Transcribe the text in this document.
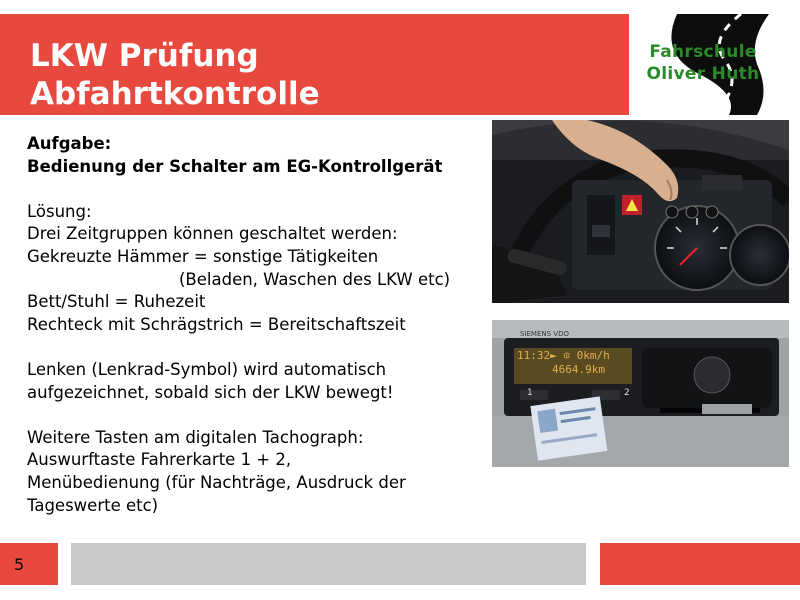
LKW Prüfung
Abfahrtkontrolle
Fahrschule
Oliver Huth
Aufgabe:
Bedienung der Schalter am EG-Kontrollgerät
Lösung:
Drei Zeitgruppen können geschaltet werden:
Gekreuzte Hämmer = sonstige Tätigkeiten
(Beladen, Waschen des LKW etc)
Bett/Stuhl = Ruhezeit
Rechteck mit Schrägstrich = Bereitschaftszeit
Lenken (Lenkrad-Symbol) wird automatisch
aufgezeichnet, sobald sich der LKW bewegt!
Weitere Tasten am digitalen Tachograph:
Auswurftaste Fahrerkarte 1 + 2,
Menübedienung (für Nachträge, Ausdruck der
Tageswerte etc)
SIEMENS VDO
11:32► ⊙ 0km/h
4664.9km
1	2
5
